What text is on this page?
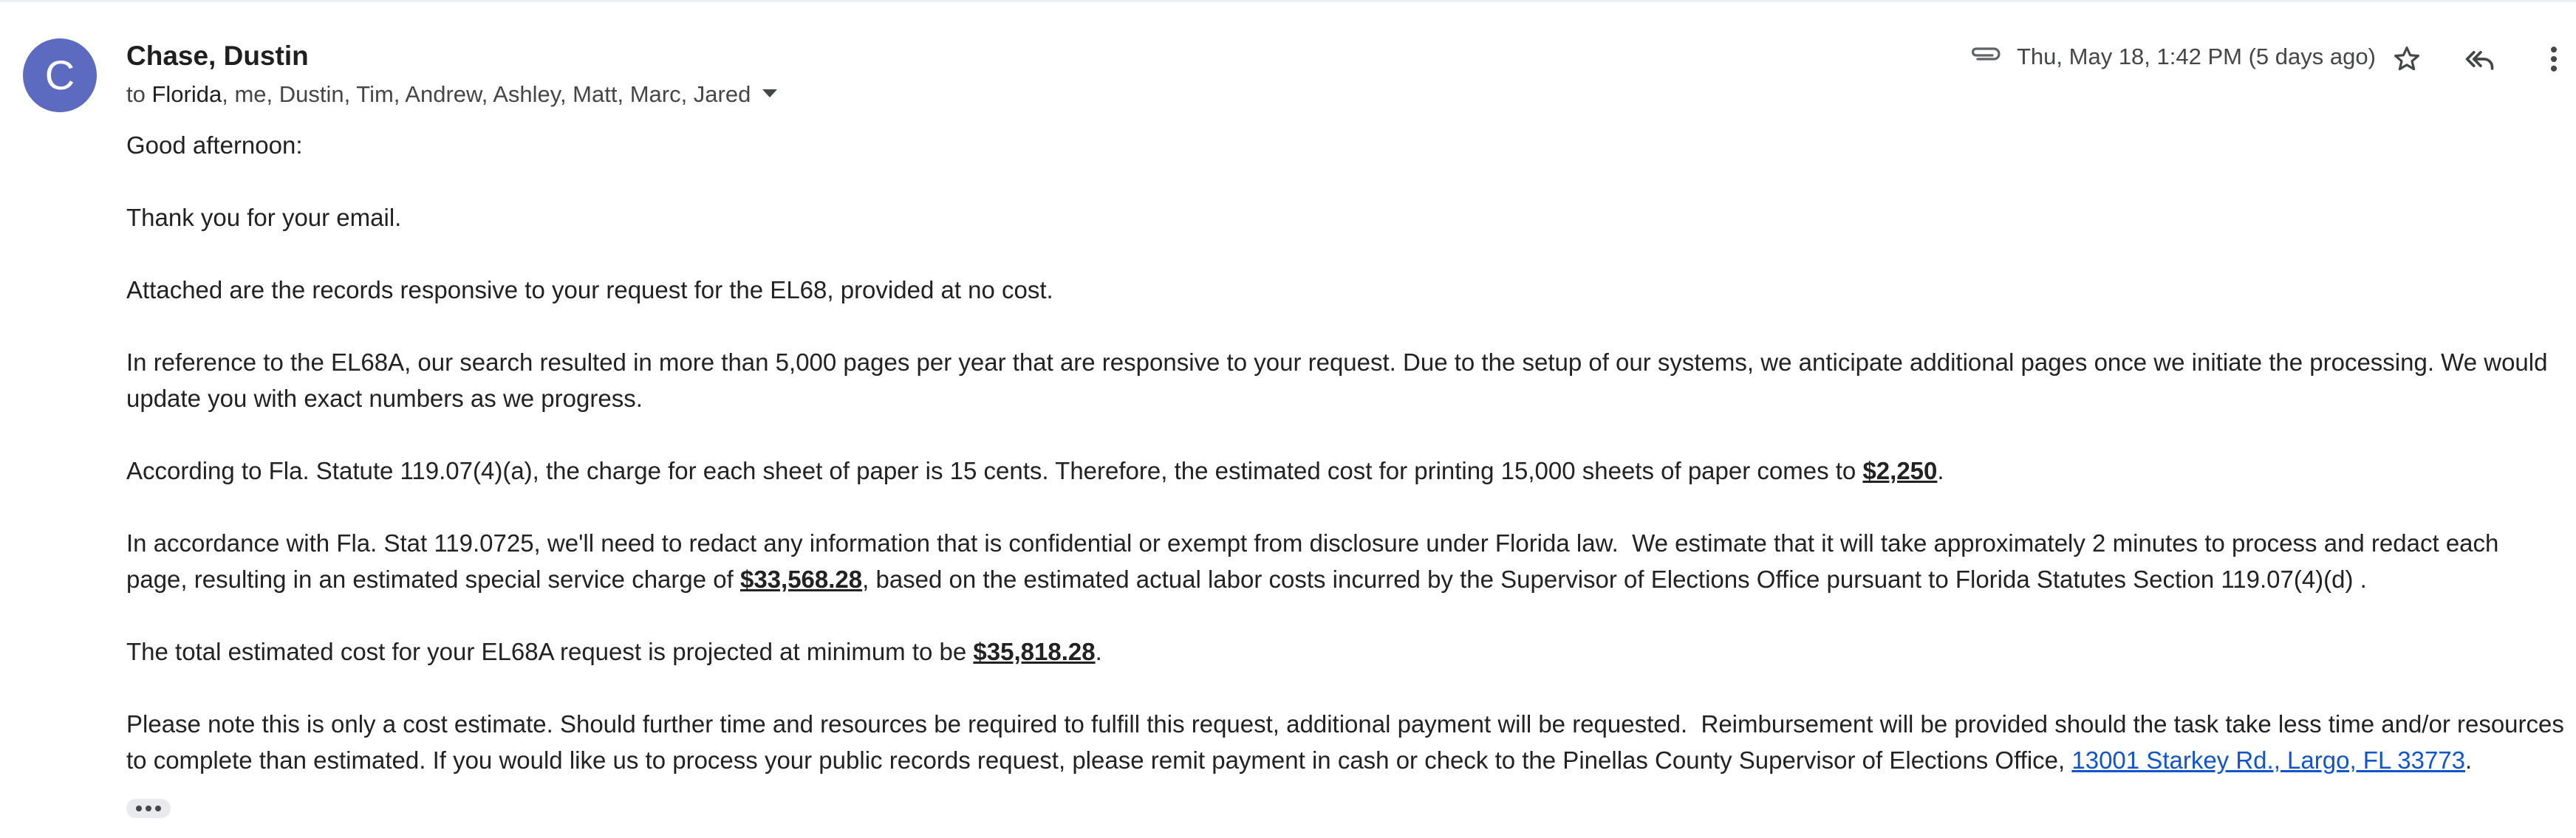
C	Chase, Dustin
to Florida, me, Dustin, Tim, Andrew, Ashley, Matt, Marc, Jared
Thu, May 18, 1:42 PM (5 days ago)

Good afternoon:

Thank you for your email.

Attached are the records responsive to your request for the EL68, provided at no cost.

In reference to the EL68A, our search resulted in more than 5,000 pages per year that are responsive to your request. Due to the setup of our systems, we anticipate additional pages once we initiate the processing. We would update you with exact numbers as we progress.

According to Fla. Statute 119.07(4)(a), the charge for each sheet of paper is 15 cents. Therefore, the estimated cost for printing 15,000 sheets of paper comes to $2,250.

In accordance with Fla. Stat 119.0725, we'll need to redact any information that is confidential or exempt from disclosure under Florida law.  We estimate that it will take approximately 2 minutes to process and redact each page, resulting in an estimated special service charge of $33,568.28, based on the estimated actual labor costs incurred by the Supervisor of Elections Office pursuant to Florida Statutes Section 119.07(4)(d) .

The total estimated cost for your EL68A request is projected at minimum to be $35,818.28.

Please note this is only a cost estimate. Should further time and resources be required to fulfill this request, additional payment will be requested.  Reimbursement will be provided should the task take less time and/or resources to complete than estimated. If you would like us to process your public records request, please remit payment in cash or check to the Pinellas County Supervisor of Elections Office, 13001 Starkey Rd., Largo, FL 33773.
